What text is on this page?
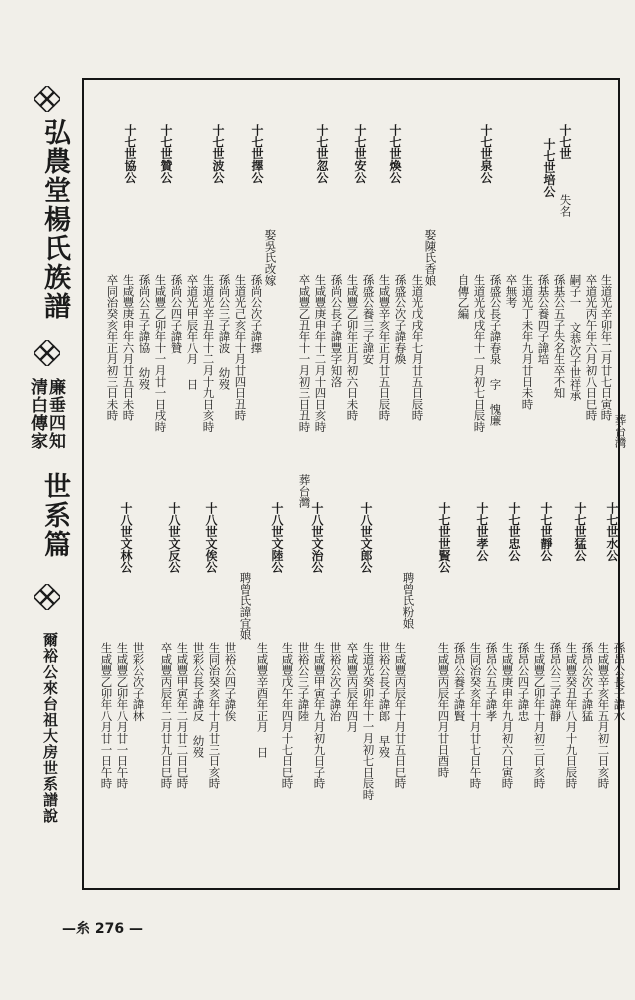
弘農堂楊氏族譜
廉垂四知
清白傳家
世系篇
爾裕公來台祖大房世系譜說
—糸 276 —
十七世
十七世培公
失名
生道光辛卯年二月廿七日寅時
卒道光丙午年六月初八日巳時
嗣子一 文恭次子世祥承
孫基公五子失名生卒不知
孫基公養四子諱培
生道光丁未年九月廿日未時
卒無考
葬台灣
十七世泉公
孫盛公長子諱春泉 字 愧廉
生道光戊戌年十一月初七日辰時
自傳乙編
娶陳氏香娘
生道光戊戌年七月廿五日辰時
十七世煥公
孫盛公次子諱春煥
生咸豐辛亥年正月廿五日辰時
十七世安公
孫盛公養三子諱安
生咸豐乙卯年正月初六日未時
十七世忽公
孫尚公長子諱豐字知洛
生咸豐庚申年十二月十四日亥時
卒咸豐乙丑年十一月初三日丑時
葬台灣
娶吳氏改嫁
十七世擇公
孫尚公次子諱擇
生道光己亥年十月廿四日丑時
十七世波公
孫尚公三子諱波 幼歿
生道光辛丑年十二月十九日亥時
卒道光甲辰年八月 日
十七世贊公
孫尚公四子諱贊
生咸豐乙卯年十一月廿一日戌時
十七世協公
孫尚公五子諱協 幼歿
生咸豐庚申年六月廿五日未時
卒同治癸亥年正月初三日未時
十七世水公
孫昂公長子諱水
生咸豐辛亥年五月初二日亥時
十七世猛公
孫昂公次子諱猛
生咸豐癸丑年八月十九日辰時
十七世靜公
孫昂公三子諱靜
生咸豐乙卯年十月初三日亥時
十七世忠公
孫昂公四子諱忠
生咸豐庚申年九月初六日寅時
十七世孝公
孫昂公五子諱孝
生同治癸亥年十月廿七日午時
十七世世賢公
孫昂公養子諱賢
生咸豐丙辰年四月廿日酉時
聘曾氏粉娘
生咸豐丙辰年十月廿五日巳時
十八世文郎公
世裕公長子諱郎 早歿
生道光癸卯年十一月初七日辰時
卒咸豐丙辰年四月
十八世文治公
世裕公次子諱治
生咸豐甲寅年九月初九日子時
十八世文陸公
世裕公三子諱陸
生咸豐戊午年四月十七日巳時
聘曾氏諱宜娘
生咸豐辛酉年正月 日
十八世文俟公
世裕公四子諱俟
生同治癸亥年十月廿三日亥時
十八世文反公
世彩公長子諱反 幼歿
生咸豐甲寅年二月廿二日巳時
卒咸豐丙辰年二月廿九日巳時
十八世文林公
世彩公次子諱林
生咸豐乙卯年八月廿一日午時
生咸豐乙卯年八月廿一日午時
